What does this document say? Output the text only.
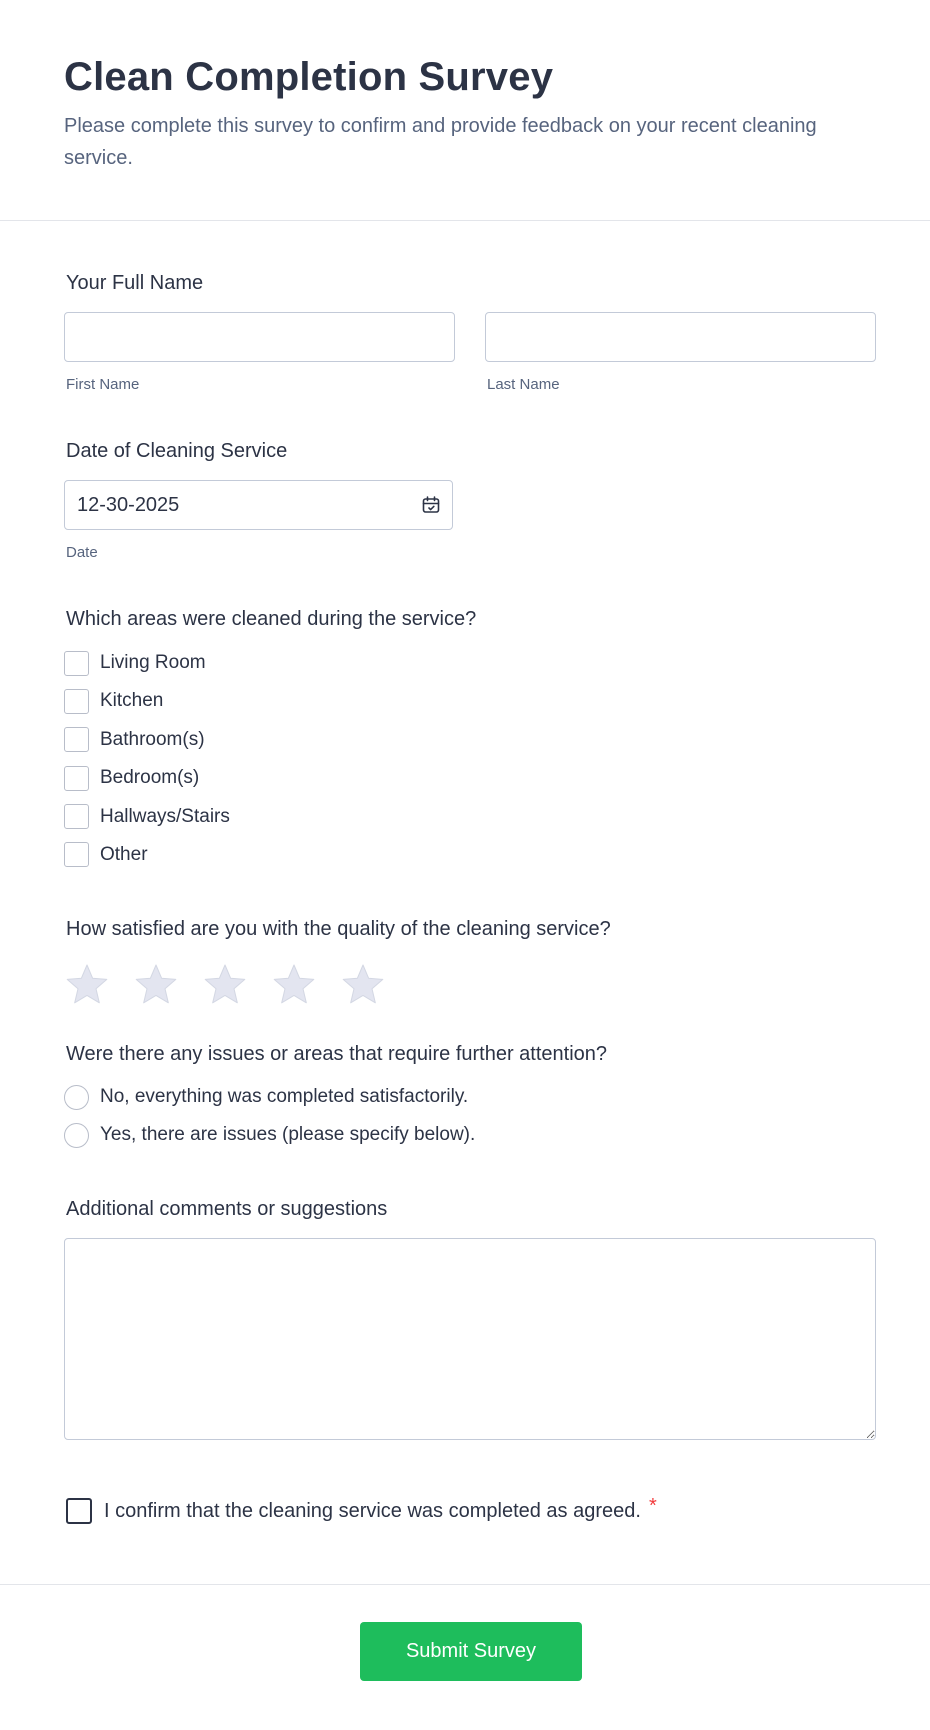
Clean Completion Survey
Please complete this survey to confirm and provide feedback on your recent cleaning service.
Your Full Name
First Name	Last Name
Date of Cleaning Service
12-30-2025
Date
Which areas were cleaned during the service?
Living Room
Kitchen
Bathroom(s)
Bedroom(s)
Hallways/Stairs
Other
How satisfied are you with the quality of the cleaning service?
Were there any issues or areas that require further attention?
No, everything was completed satisfactorily.
Yes, there are issues (please specify below).
Additional comments or suggestions
I confirm that the cleaning service was completed as agreed. *
Submit Survey
